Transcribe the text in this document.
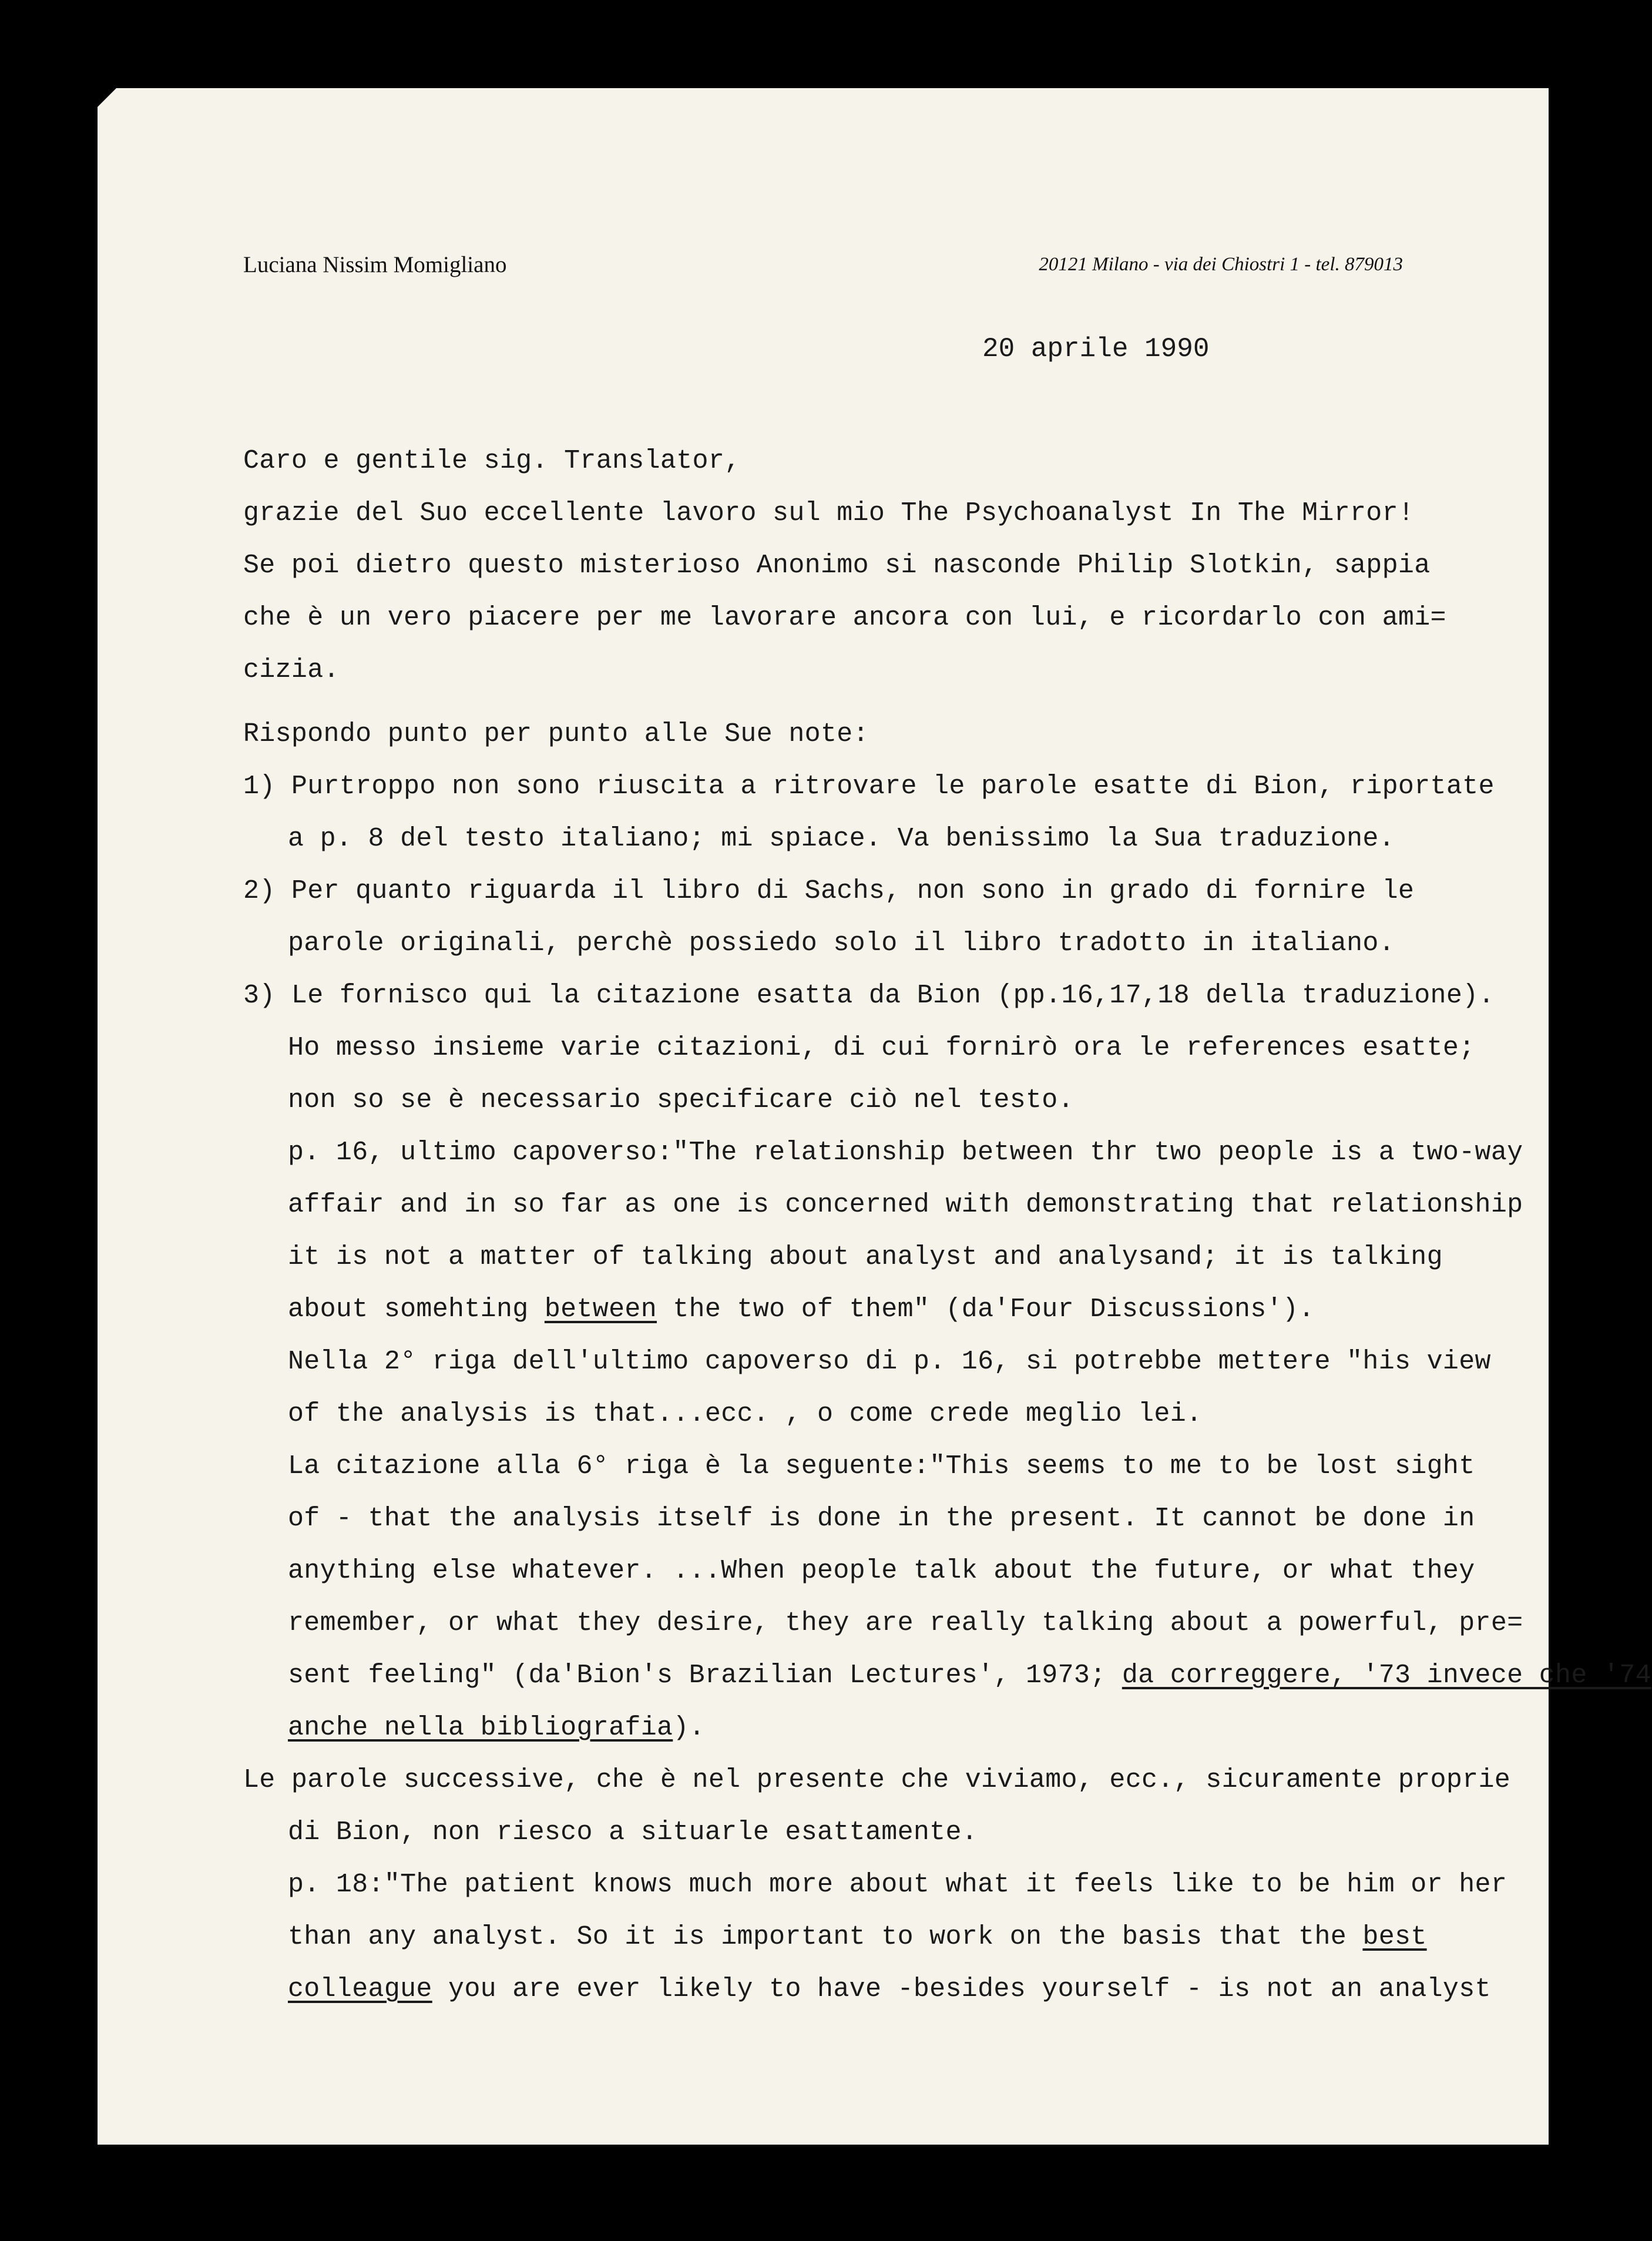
Luciana Nissim Momigliano	20121 Milano - via dei Chiostri 1 - tel. 879013
20 aprile 1990
Caro e gentile sig. Translator,
grazie del Suo eccellente lavoro sul mio The Psychoanalyst In The Mirror!
Se poi dietro questo misterioso Anonimo si nasconde Philip Slotkin, sappia
che è un vero piacere per me lavorare ancora con lui, e ricordarlo con ami=
cizia.
Rispondo punto per punto alle Sue note:
1) Purtroppo non sono riuscita a ritrovare le parole esatte di Bion, riportate
a p. 8 del testo italiano; mi spiace. Va benissimo la Sua traduzione.
2) Per quanto riguarda il libro di Sachs, non sono in grado di fornire le
parole originali, perchè possiedo solo il libro tradotto in italiano.
3) Le fornisco qui la citazione esatta da Bion (pp.16,17,18 della traduzione).
Ho messo insieme varie citazioni, di cui fornirò ora le references esatte;
non so se è necessario specificare ciò nel testo.
p. 16, ultimo capoverso:"The relationship between thr two people is a two-way
affair and in so far as one is concerned with demonstrating that relationship
it is not a matter of talking about analyst and analysand; it is talking
about somehting between the two of them" (da'Four Discussions').
Nella 2° riga dell'ultimo capoverso di p. 16, si potrebbe mettere "his view
of the analysis is that...ecc. , o come crede meglio lei.
La citazione alla 6° riga è la seguente:"This seems to me to be lost sight
of - that the analysis itself is done in the present. It cannot be done in
anything else whatever. ...When people talk about the future, or what they
remember, or what they desire, they are really talking about a powerful, pre=
sent feeling" (da'Bion's Brazilian Lectures', 1973; da correggere, '73 invece che '74
anche nella bibliografia).
Le parole successive, che è nel presente che viviamo, ecc., sicuramente proprie
di Bion, non riesco a situarle esattamente.
p. 18:"The patient knows much more about what it feels like to be him or her
than any analyst. So it is important to work on the basis that the best
colleague you are ever likely to have -besides yourself - is not an analyst
